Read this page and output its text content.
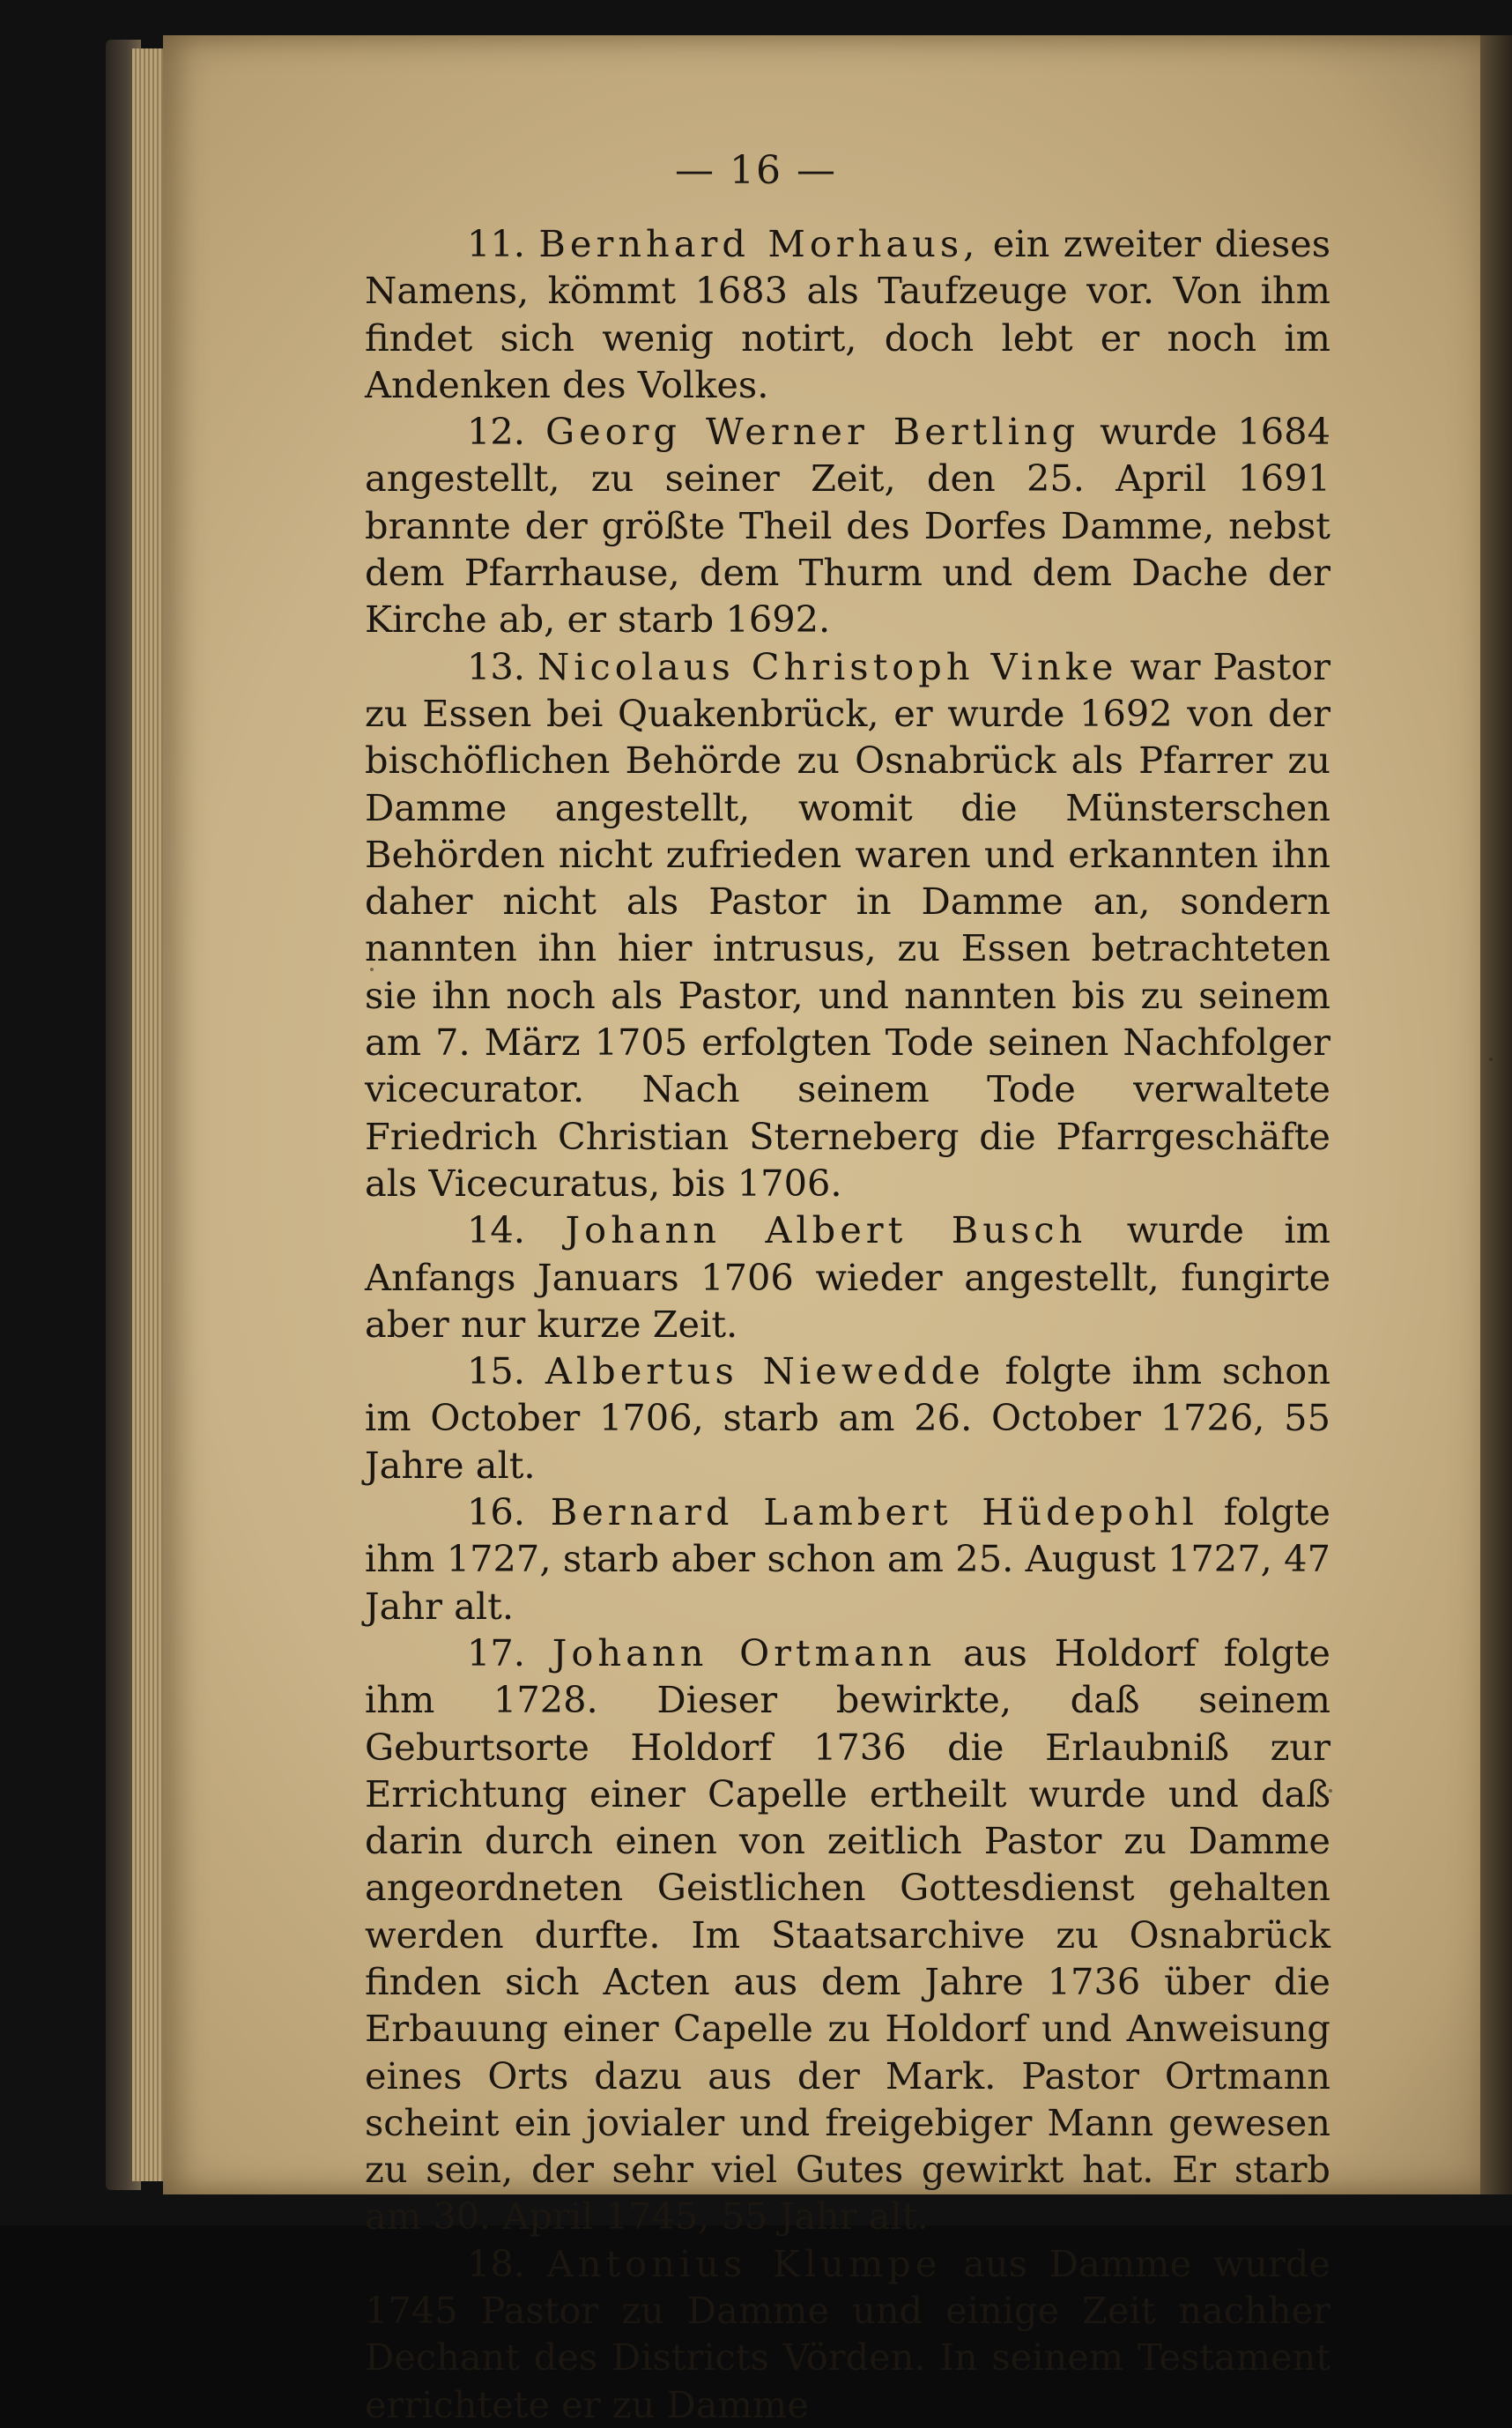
— 16 —

11. Bernhard Morhaus, ein zweiter dieses Namens, kömmt 1683 als Taufzeuge vor. Von ihm findet sich wenig notirt, doch lebt er noch im Andenken des Volkes.

12. Georg Werner Bertling wurde 1684 angestellt, zu seiner Zeit, den 25. April 1691 brannte der größte Theil des Dorfes Damme, nebst dem Pfarrhause, dem Thurm und dem Dache der Kirche ab, er starb 1692.

13. Nicolaus Christoph Vinke war Pastor zu Essen bei Quakenbrück, er wurde 1692 von der bischöflichen Behörde zu Osnabrück als Pfarrer zu Damme angestellt, womit die Münsterschen Behörden nicht zufrieden waren und erkannten ihn daher nicht als Pastor in Damme an, sondern nannten ihn hier intrusus, zu Essen betrachteten sie ihn noch als Pastor, und nannten bis zu seinem am 7. März 1705 erfolgten Tode seinen Nachfolger vicecurator. Nach seinem Tode verwaltete Friedrich Christian Sterneberg die Pfarrgeschäfte als Vicecuratus, bis 1706.

14. Johann Albert Busch wurde im Anfangs Januars 1706 wieder angestellt, fungirte aber nur kurze Zeit.

15. Albertus Niewedde folgte ihm schon im October 1706, starb am 26. October 1726, 55 Jahre alt.

16. Bernard Lambert Hüdepohl folgte ihm 1727, starb aber schon am 25. August 1727, 47 Jahr alt.

17. Johann Ortmann aus Holdorf folgte ihm 1728. Dieser bewirkte, daß seinem Geburtsorte Holdorf 1736 die Erlaubniß zur Errichtung einer Capelle ertheilt wurde und daß darin durch einen von zeitlich Pastor zu Damme angeordneten Geistlichen Gottesdienst gehalten werden durfte. Im Staatsarchive zu Osnabrück finden sich Acten aus dem Jahre 1736 über die Erbauung einer Capelle zu Holdorf und Anweisung eines Orts dazu aus der Mark. Pastor Ortmann scheint ein jovialer und freigebiger Mann gewesen zu sein, der sehr viel Gutes gewirkt hat. Er starb am 30. April 1745, 55 Jahr alt.

18. Antonius Klumpe aus Damme wurde 1745 Pastor zu Damme und einige Zeit nachher Dechant des Districts Vörden. In seinem Testament errichtete er zu Damme
